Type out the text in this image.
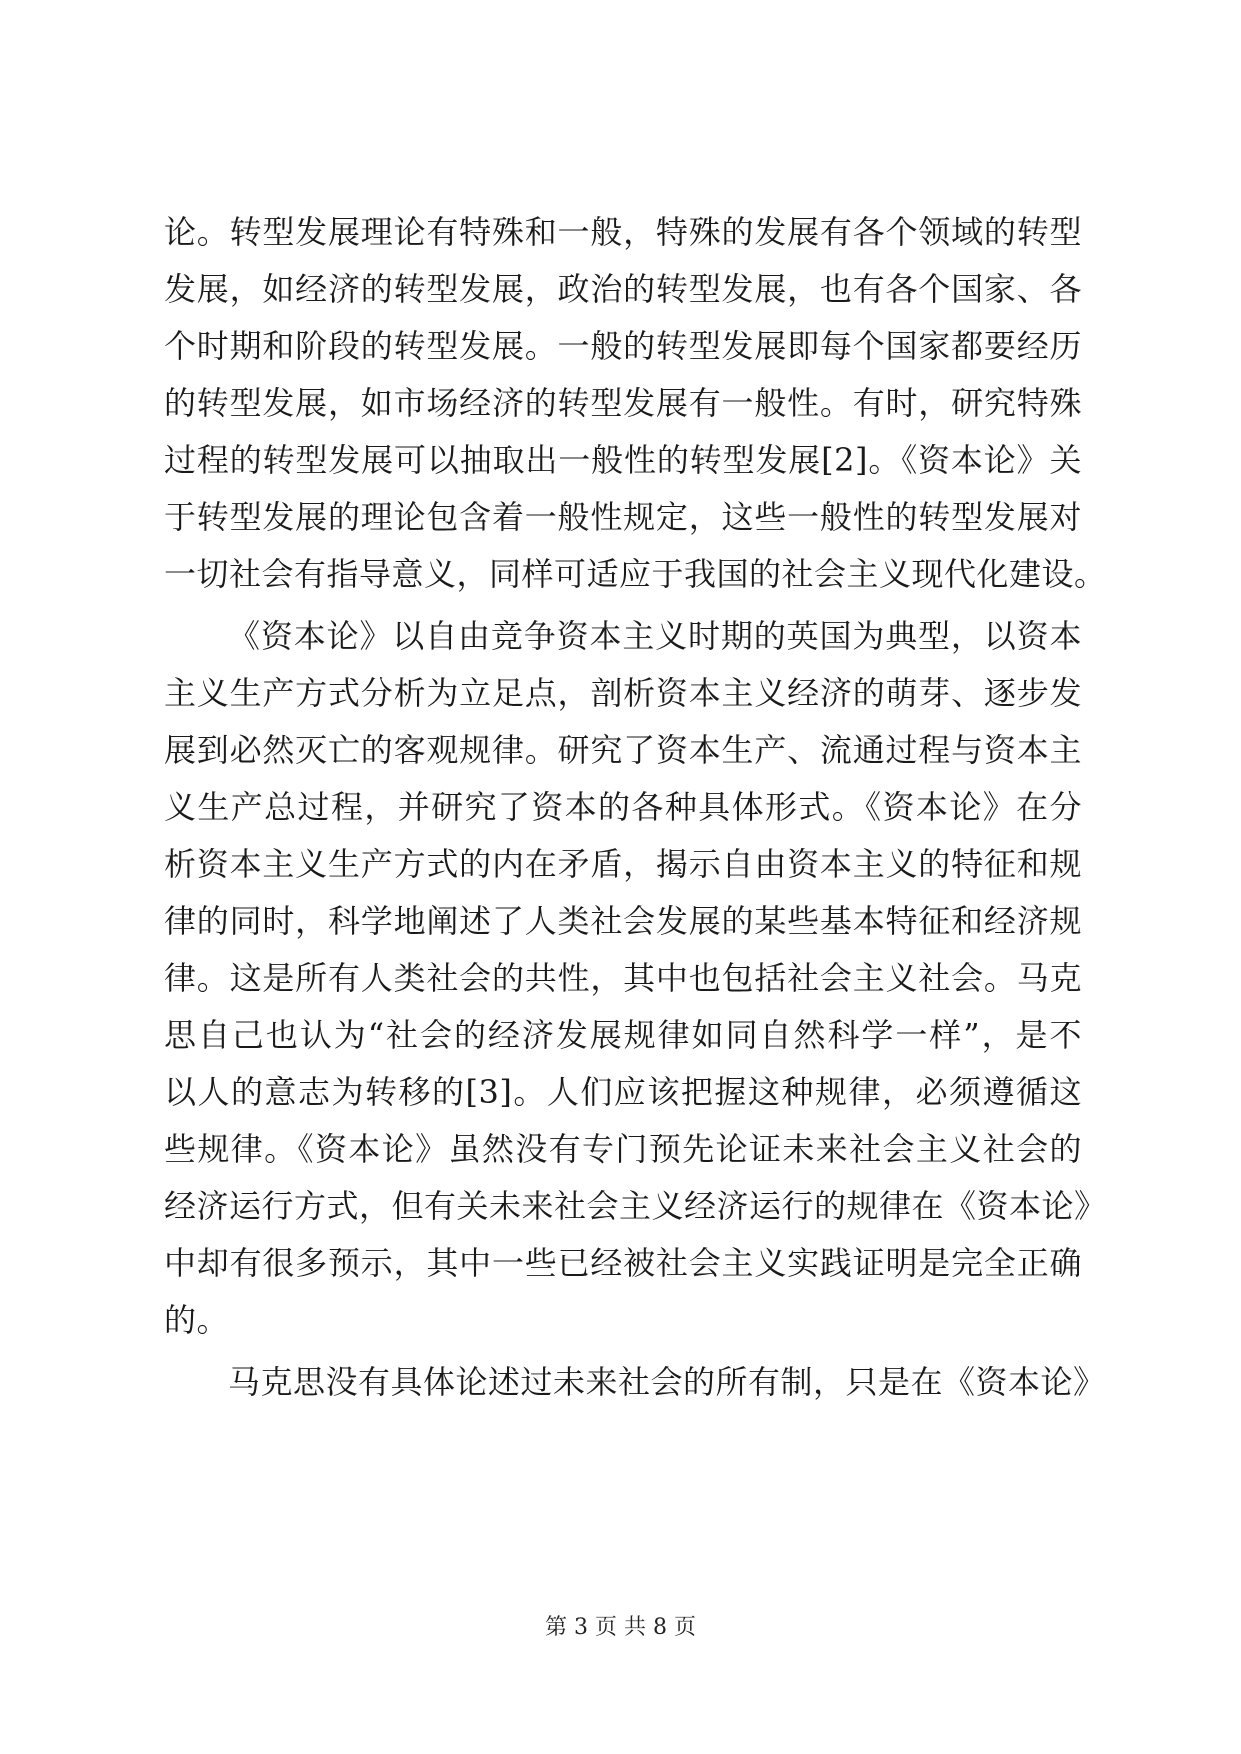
论。转型发展理论有特殊和一般，特殊的发展有各个领域的转型
发展，如经济的转型发展，政治的转型发展，也有各个国家、各
个时期和阶段的转型发展。一般的转型发展即每个国家都要经历
的转型发展，如市场经济的转型发展有一般性。有时，研究特殊
过程的转型发展可以抽取出一般性的转型发展[2]。《资本论》关
于转型发展的理论包含着一般性规定，这些一般性的转型发展对
一切社会有指导意义，同样可适应于我国的社会主义现代化建设。
《资本论》以自由竞争资本主义时期的英国为典型，以资本
主义生产方式分析为立足点，剖析资本主义经济的萌芽、逐步发
展到必然灭亡的客观规律。研究了资本生产、流通过程与资本主
义生产总过程，并研究了资本的各种具体形式。《资本论》在分
析资本主义生产方式的内在矛盾，揭示自由资本主义的特征和规
律的同时，科学地阐述了人类社会发展的某些基本特征和经济规
律。这是所有人类社会的共性，其中也包括社会主义社会。马克
思自己也认为“社会的经济发展规律如同自然科学一样”，是不
以人的意志为转移的[3]。人们应该把握这种规律，必须遵循这
些规律。《资本论》虽然没有专门预先论证未来社会主义社会的
经济运行方式，但有关未来社会主义经济运行的规律在《资本论》
中却有很多预示，其中一些已经被社会主义实践证明是完全正确
的。
马克思没有具体论述过未来社会的所有制，只是在《资本论》
第 3 页 共 8 页
